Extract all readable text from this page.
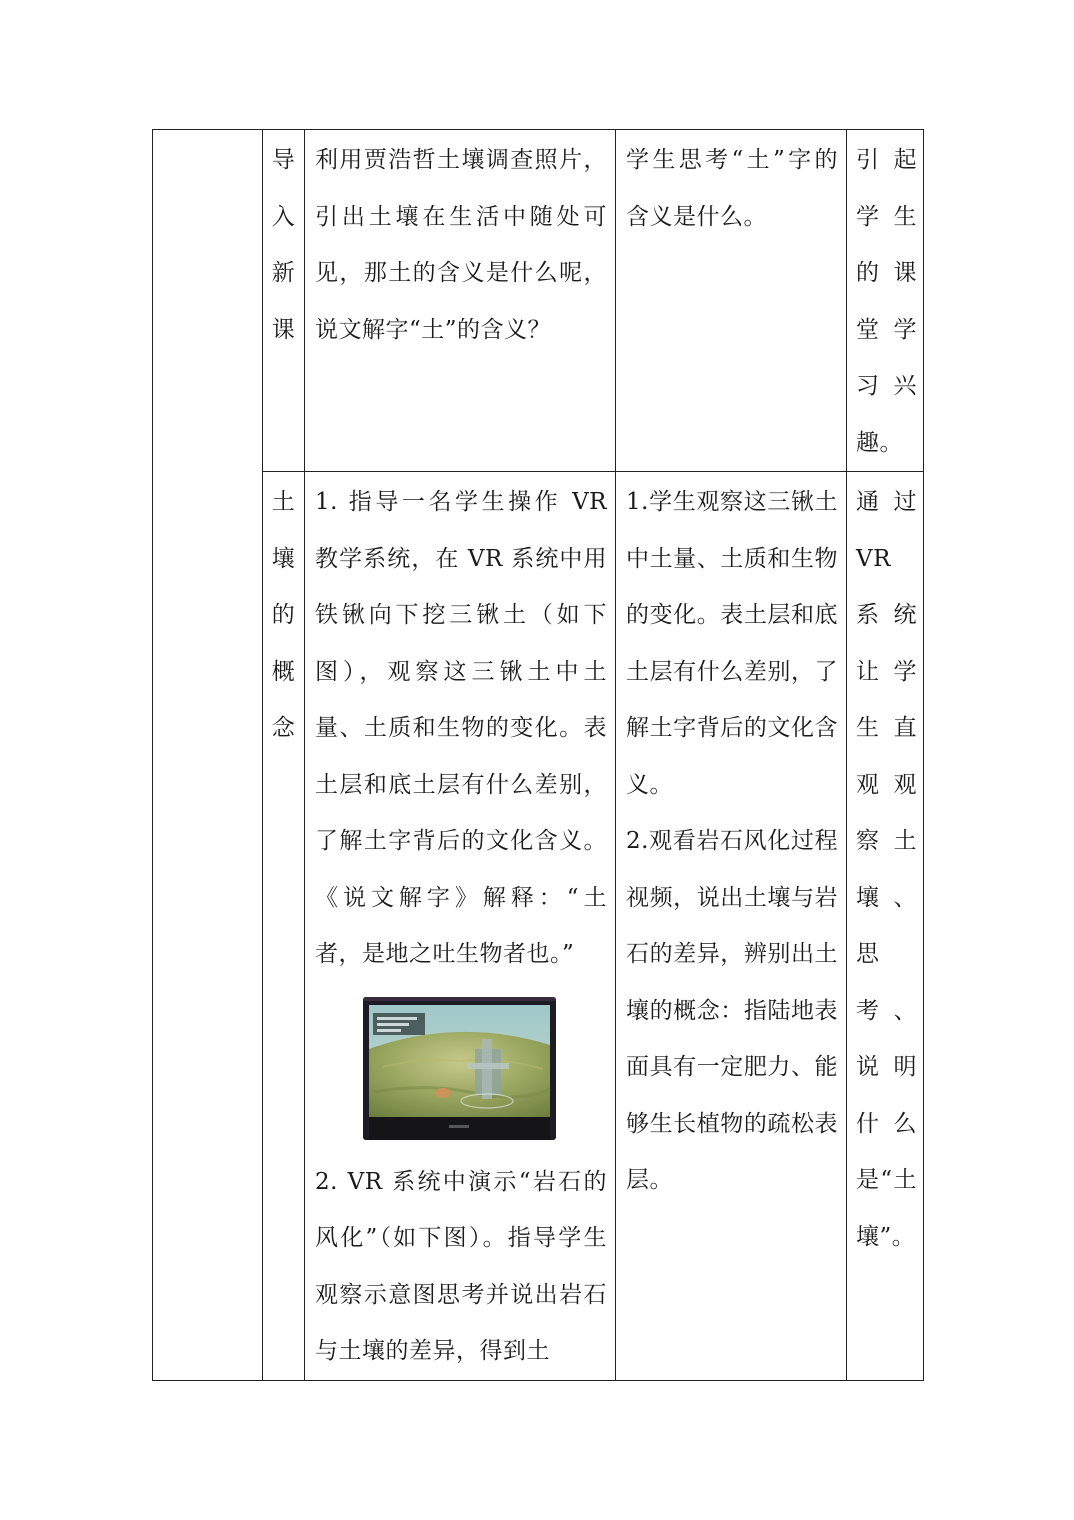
	导
入
新
课	利用贾浩哲土壤调查照片，引出土壤在生活中随处可见，那土的含义是什么呢，说文解字“土”的含义？	学生思考“土”字的含义是什么。	引起学生的课堂学习兴趣。

	土
壤
的
概
念	1. 指导一名学生操作 VR 教学系统，在 VR 系统中用铁锹向下挖三锹土（如下图），观察这三锹土中土量、土质和生物的变化。表土层和底土层有什么差别，了解土字背后的文化含义。《说文解字》解释：“土者，是地之吐生物者也。”
2. VR 系统中演示“岩石的风化”（如下图）。指导学生观察示意图思考并说出岩石与土壤的差异，得到土	1.学生观察这三锹土中土量、土质和生物的变化。表土层和底土层有什么差别，了解土字背后的文化含义。
2.观看岩石风化过程视频，说出土壤与岩石的差异，辨别出土壤的概念：指陆地表面具有一定肥力、能够生长植物的疏松表层。	通过 VR 系统让学生直观观察土壤、思考、说明什么是“土壤”。
